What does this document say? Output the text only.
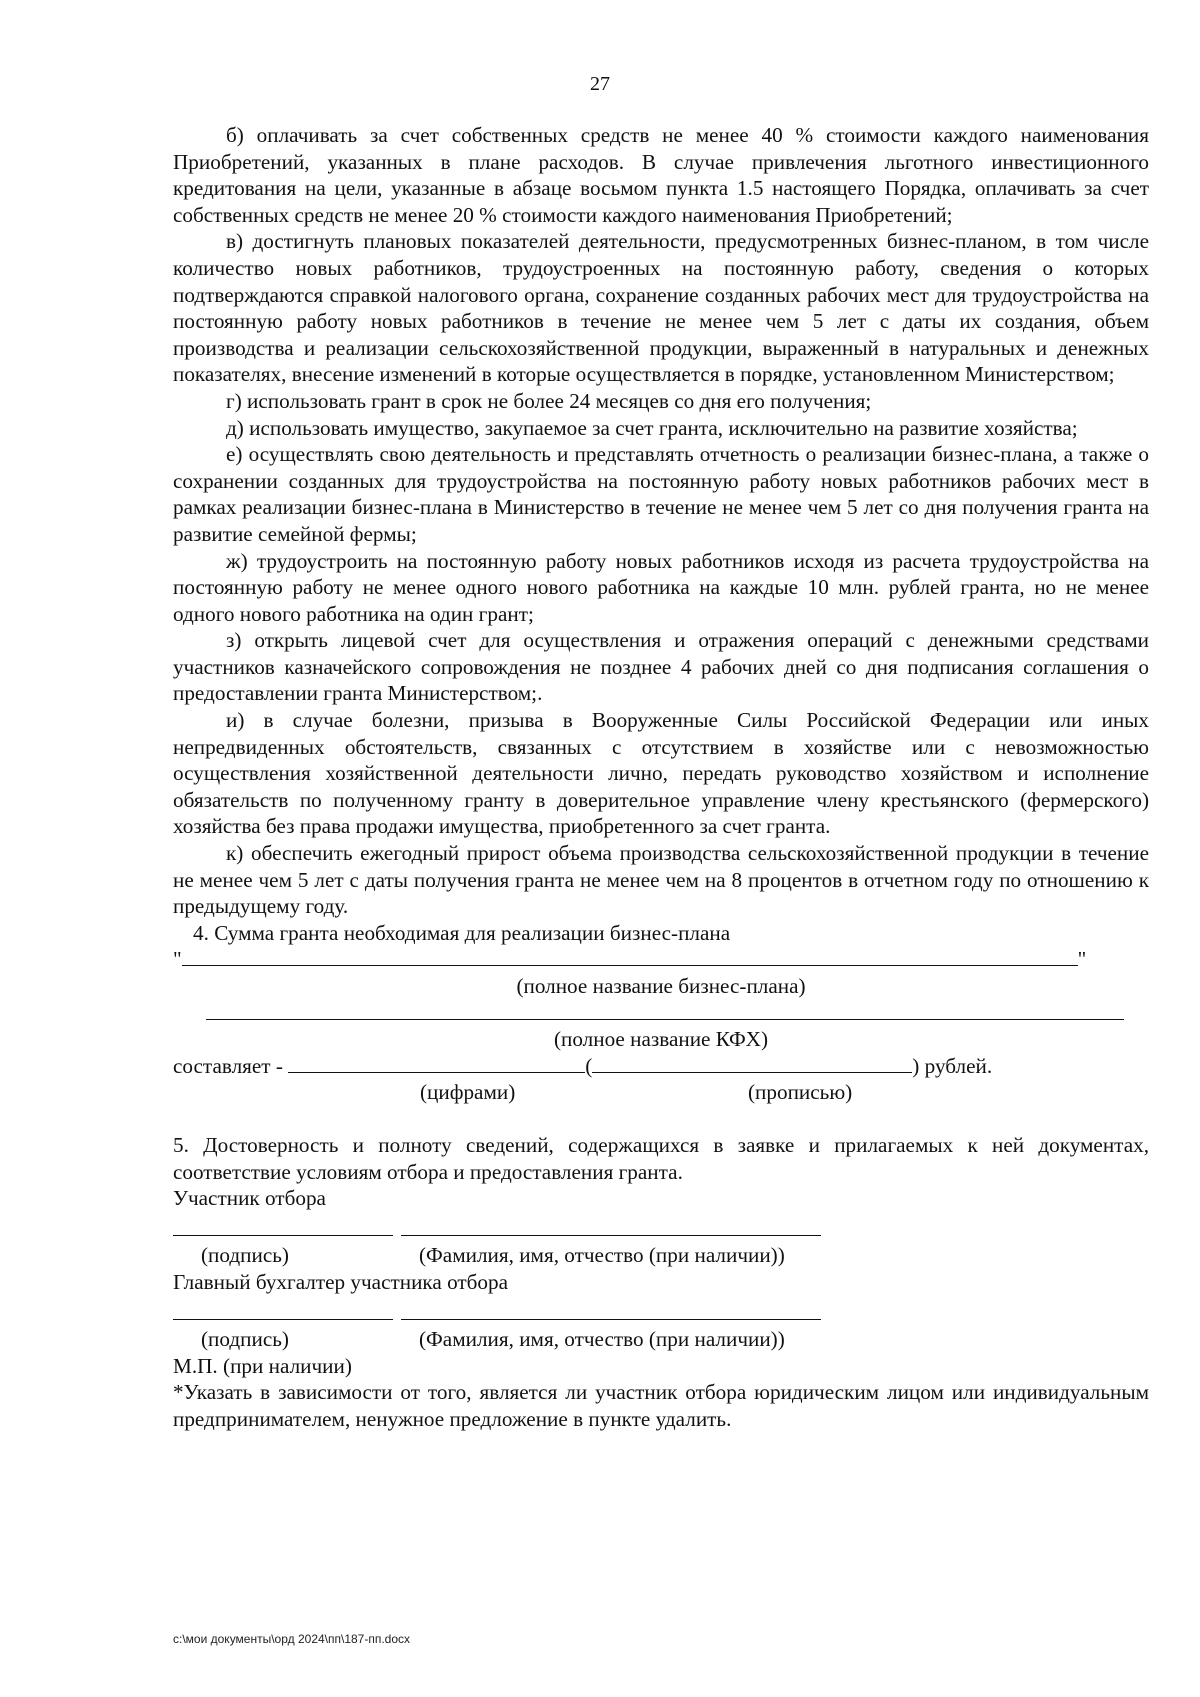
27

б) оплачивать за счет собственных средств не менее 40 % стоимости каждого наименования Приобретений, указанных в плане расходов. В случае привлечения льготного инвестиционного кредитования на цели, указанные в абзаце восьмом пункта 1.5 настоящего Порядка, оплачивать за счет собственных средств не менее 20 % стоимости каждого наименования Приобретений;

в) достигнуть плановых показателей деятельности, предусмотренных бизнес-планом, в том числе количество новых работников, трудоустроенных на постоянную работу, сведения о которых подтверждаются справкой налогового органа, сохранение созданных рабочих мест для трудоустройства на постоянную работу новых работников в течение не менее чем 5 лет с даты их создания, объем производства и реализации сельскохозяйственной продукции, выраженный в натуральных и денежных показателях, внесение изменений в которые осуществляется в порядке, установленном Министерством;

г) использовать грант в срок не более 24 месяцев со дня его получения;

д) использовать имущество, закупаемое за счет гранта, исключительно на развитие хозяйства;

е) осуществлять свою деятельность и представлять отчетность о реализации бизнес-плана, а также о сохранении созданных для трудоустройства на постоянную работу новых работников рабочих мест в рамках реализации бизнес-плана в Министерство в течение не менее чем 5 лет со дня получения гранта на развитие семейной фермы;

ж) трудоустроить на постоянную работу новых работников исходя из расчета трудоустройства на постоянную работу не менее одного нового работника на каждые 10 млн. рублей гранта, но не менее одного нового работника на один грант;

з) открыть лицевой счет для осуществления и отражения операций с денежными средствами участников казначейского сопровождения не позднее 4 рабочих дней со дня подписания соглашения о предоставлении гранта Министерством;.

и) в случае болезни, призыва в Вооруженные Силы Российской Федерации или иных непредвиденных обстоятельств, связанных с отсутствием в хозяйстве или с невозможностью осуществления хозяйственной деятельности лично, передать руководство хозяйством и исполнение обязательств по полученному гранту в доверительное управление члену крестьянского (фермерского) хозяйства без права продажи имущества, приобретенного за счет гранта.

к) обеспечить ежегодный прирост объема производства сельскохозяйственной продукции в течение не менее чем 5 лет с даты получения гранта не менее чем на 8 процентов в отчетном году по отношению к предыдущему году.

4. Сумма гранта необходимая для реализации бизнес-плана

"	"
(полное название бизнес-плана)
(полное название КФХ)
составляет -	(	) рублей.
(цифрами)	(прописью)

5. Достоверность и полноту сведений, содержащихся в заявке и прилагаемых к ней документах, соответствие условиям отбора и предоставления гранта.

Участник отбора
(подпись)	(Фамилия, имя, отчество (при наличии))
Главный бухгалтер участника отбора
(подпись)	(Фамилия, имя, отчество (при наличии))
М.П. (при наличии)

*Указать в зависимости от того, является ли участник отбора юридическим лицом или индивидуальным предпринимателем, ненужное предложение в пункте удалить.

c:\мои документы\орд 2024\пп\187-пп.docx
